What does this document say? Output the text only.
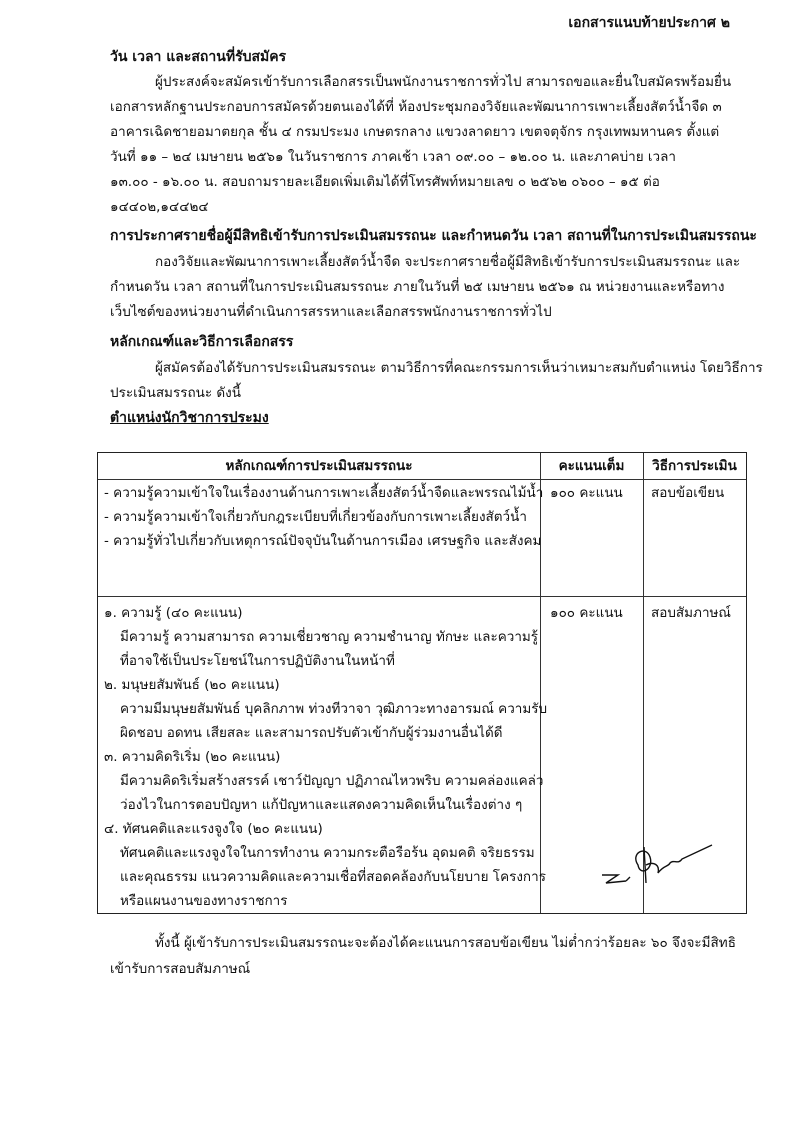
เอกสารแนบท้ายประกาศ ๒
วัน เวลา และสถานที่รับสมัคร
ผู้ประสงค์จะสมัครเข้ารับการเลือกสรรเป็นพนักงานราชการทั่วไป สามารถขอและยื่นใบสมัครพร้อมยื่น
เอกสารหลักฐานประกอบการสมัครด้วยตนเองได้ที่ ห้องประชุมกองวิจัยและพัฒนาการเพาะเลี้ยงสัตว์น้ำจืด ๓
อาคารเฉิดชายอมาตยกุล ชั้น ๔ กรมประมง เกษตรกลาง แขวงลาดยาว เขตจตุจักร กรุงเทพมหานคร ตั้งแต่
วันที่ ๑๑ – ๒๔ เมษายน ๒๕๖๑ ในวันราชการ ภาคเช้า เวลา ๐๙.๐๐ – ๑๒.๐๐ น. และภาคบ่าย เวลา
๑๓.๐๐ - ๑๖.๐๐ น. สอบถามรายละเอียดเพิ่มเติมได้ที่โทรศัพท์หมายเลข ๐ ๒๕๖๒ ๐๖๐๐ – ๑๕ ต่อ
๑๔๔๐๒,๑๔๔๒๔
การประกาศรายชื่อผู้มีสิทธิเข้ารับการประเมินสมรรถนะ และกำหนดวัน เวลา สถานที่ในการประเมินสมรรถนะ
กองวิจัยและพัฒนาการเพาะเลี้ยงสัตว์น้ำจืด จะประกาศรายชื่อผู้มีสิทธิเข้ารับการประเมินสมรรถนะ และ
กำหนดวัน เวลา สถานที่ในการประเมินสมรรถนะ ภายในวันที่ ๒๕ เมษายน ๒๕๖๑ ณ หน่วยงานและหรือทาง
เว็บไซต์ของหน่วยงานที่ดำเนินการสรรหาและเลือกสรรพนักงานราชการทั่วไป
หลักเกณฑ์และวิธีการเลือกสรร
ผู้สมัครต้องได้รับการประเมินสมรรถนะ ตามวิธีการที่คณะกรรมการเห็นว่าเหมาะสมกับตำแหน่ง โดยวิธีการ
ประเมินสมรรถนะ ดังนี้
ตำแหน่งนักวิชาการประมง
หลักเกณฑ์การประเมินสมรรถนะ	คะแนนเต็ม	วิธีการประเมิน
- ความรู้ความเข้าใจในเรื่องงานด้านการเพาะเลี้ยงสัตว์น้ำจืดและพรรณไม้น้ำ
- ความรู้ความเข้าใจเกี่ยวกับกฎระเบียบที่เกี่ยวข้องกับการเพาะเลี้ยงสัตว์น้ำ
- ความรู้ทั่วไปเกี่ยวกับเหตุการณ์ปัจจุบันในด้านการเมือง เศรษฐกิจ และสังคม
๑๐๐ คะแนน สอบข้อเขียน
๑. ความรู้ (๔๐ คะแนน)
มีความรู้ ความสามารถ ความเชี่ยวชาญ ความชำนาญ ทักษะ และความรู้
ที่อาจใช้เป็นประโยชน์ในการปฏิบัติงานในหน้าที่
๒. มนุษยสัมพันธ์ (๒๐ คะแนน)
ความมีมนุษยสัมพันธ์ บุคลิกภาพ ท่วงทีวาจา วุฒิภาวะทางอารมณ์ ความรับ
ผิดชอบ อดทน เสียสละ และสามารถปรับตัวเข้ากับผู้ร่วมงานอื่นได้ดี
๓. ความคิดริเริ่ม (๒๐ คะแนน)
มีความคิดริเริ่มสร้างสรรค์ เชาว์ปัญญา ปฏิภาณไหวพริบ ความคล่องแคล่ว
ว่องไวในการตอบปัญหา แก้ปัญหาและแสดงความคิดเห็นในเรื่องต่าง ๆ
๔. ทัศนคติและแรงจูงใจ (๒๐ คะแนน)
ทัศนคติและแรงจูงใจในการทำงาน ความกระตือรือร้น อุดมคติ จริยธรรม
และคุณธรรม แนวความคิดและความเชื่อที่สอดคล้องกับนโยบาย โครงการ
หรือแผนงานของทางราชการ
๑๐๐ คะแนน สอบสัมภาษณ์
ทั้งนี้ ผู้เข้ารับการประเมินสมรรถนะจะต้องได้คะแนนการสอบข้อเขียน ไม่ต่ำกว่าร้อยละ ๖๐ จึงจะมีสิทธิ
เข้ารับการสอบสัมภาษณ์
